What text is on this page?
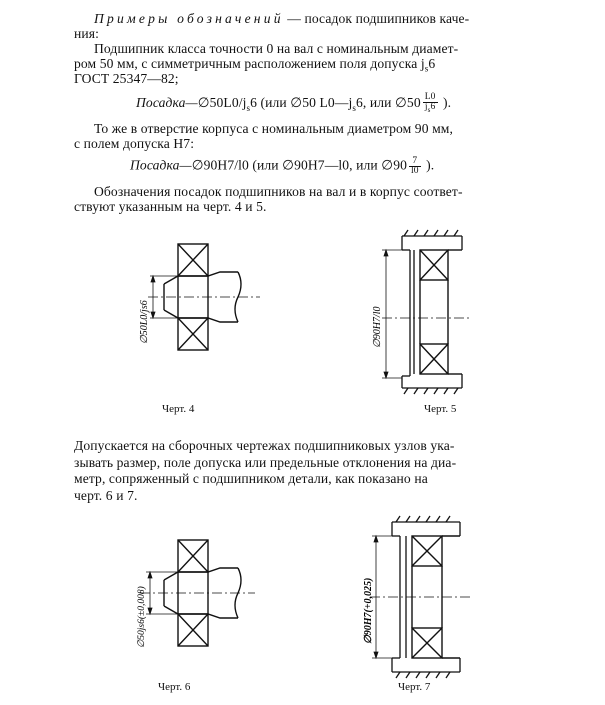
Примеры обозначений — посадок подшипников каче-
ния:
Подшипник класса точности 0 на вал с номинальным диамет-
ром 50 мм, с симметричным расположением поля допуска $j_s6$
ГОСТ 25347—82;
$Посадка—\emptyset 50L0/j_s6$ (или ∅50 $L0—j_s6$, или ∅50 $\frac{L0}{j_s6}$ ).
То же в отверстие корпуса с номинальным диаметром 90 мм,
с полем допуска H7:
Посадка—∅90H7/l0 (или ∅90H7—l0, или ∅90 $\frac{7}{l0}$ ).
Обозначения посадок подшипников на вал и в корпус соответ-
ствуют указанным на черт. 4 и 5.
∅50L0/js6
Черт. 4
∅90H7/l0
Черт. 5
Допускается на сборочных чертежах подшипниковых узлов ука-
зывать размер, поле допуска или предельные отклонения на диа-
метр, сопряженный с подшипником детали, как показано на
черт. 6 и 7.
∅50js6(±0,008)
Черт. 6
∅90H7(+0,025)
Черт. 7
